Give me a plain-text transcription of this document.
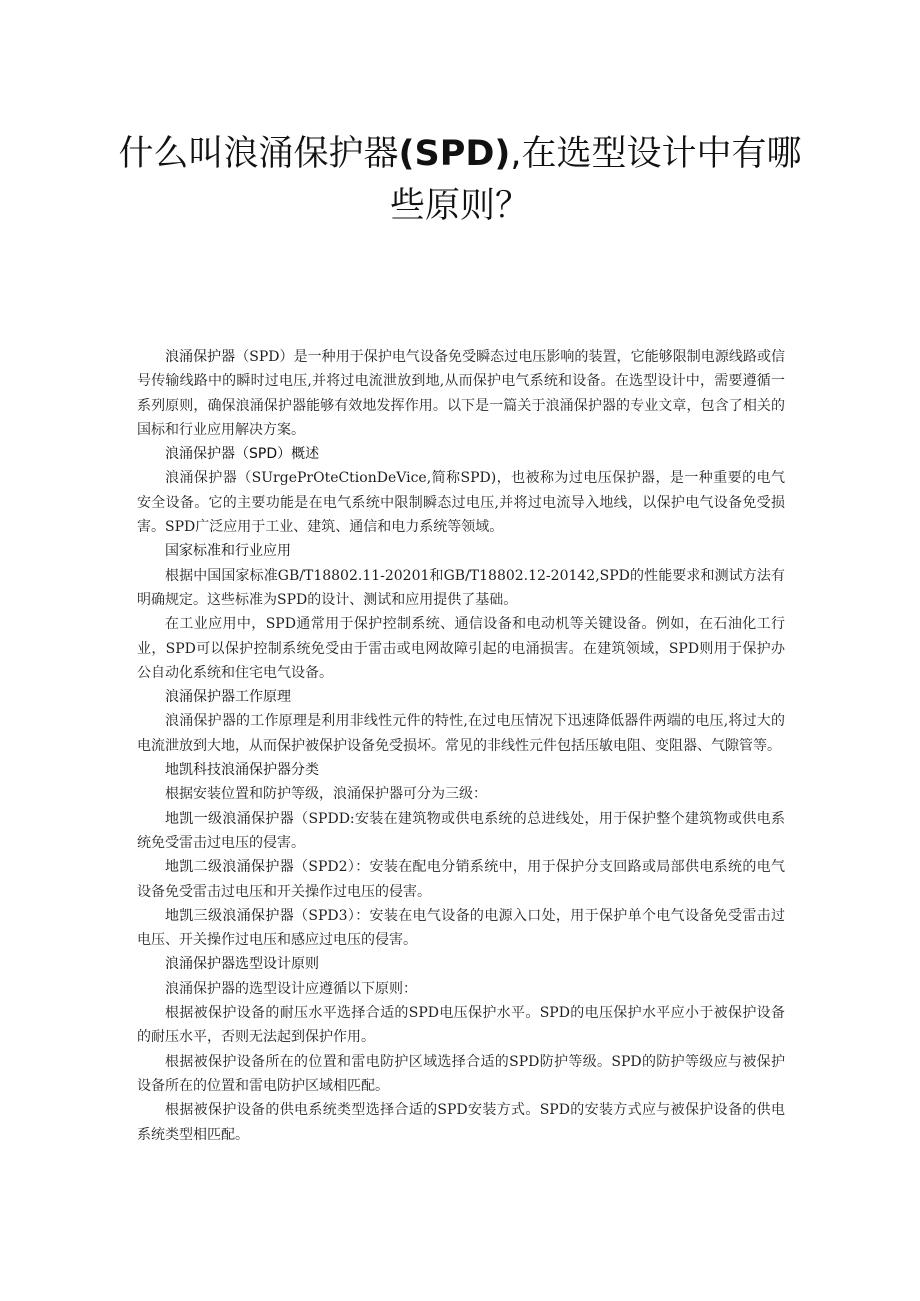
什么叫浪涌保护器(SPD),在选型设计中有哪
些原则？

浪涌保护器（SPD）是一种用于保护电气设备免受瞬态过电压影响的装置，它能够限制电源线路或信号传输线路中的瞬时过电压,并将过电流泄放到地,从而保护电气系统和设备。在选型设计中，需要遵循一系列原则，确保浪涌保护器能够有效地发挥作用。以下是一篇关于浪涌保护器的专业文章，包含了相关的国标和行业应用解决方案。

浪涌保护器（SPD）概述

浪涌保护器（SUrgePrOteCtionDeVice,简称SPD)，也被称为过电压保护器，是一种重要的电气安全设备。它的主要功能是在电气系统中限制瞬态过电压,并将过电流导入地线，以保护电气设备免受损害。SPD广泛应用于工业、建筑、通信和电力系统等领域。

国家标准和行业应用

根据中国国家标准GB/T18802.11-20201和GB/T18802.12-20142,SPD的性能要求和测试方法有明确规定。这些标准为SPD的设计、测试和应用提供了基础。

在工业应用中，SPD通常用于保护控制系统、通信设备和电动机等关键设备。例如，在石油化工行业，SPD可以保护控制系统免受由于雷击或电网故障引起的电涌损害。在建筑领域，SPD则用于保护办公自动化系统和住宅电气设备。

浪涌保护器工作原理

浪涌保护器的工作原理是利用非线性元件的特性,在过电压情况下迅速降低器件两端的电压,将过大的电流泄放到大地，从而保护被保护设备免受损坏。常见的非线性元件包括压敏电阻、变阻器、气隙管等。

地凯科技浪涌保护器分类

根据安装位置和防护等级，浪涌保护器可分为三级：

地凯一级浪涌保护器（SPDD:安装在建筑物或供电系统的总进线处，用于保护整个建筑物或供电系统免受雷击过电压的侵害。

地凯二级浪涌保护器（SPD2）：安装在配电分销系统中，用于保护分支回路或局部供电系统的电气设备免受雷击过电压和开关操作过电压的侵害。

地凯三级浪涌保护器（SPD3）：安装在电气设备的电源入口处，用于保护单个电气设备免受雷击过电压、开关操作过电压和感应过电压的侵害。

浪涌保护器选型设计原则

浪涌保护器的选型设计应遵循以下原则：

根据被保护设备的耐压水平选择合适的SPD电压保护水平。SPD的电压保护水平应小于被保护设备的耐压水平，否则无法起到保护作用。

根据被保护设备所在的位置和雷电防护区域选择合适的SPD防护等级。SPD的防护等级应与被保护设备所在的位置和雷电防护区域相匹配。

根据被保护设备的供电系统类型选择合适的SPD安装方式。SPD的安装方式应与被保护设备的供电系统类型相匹配。
